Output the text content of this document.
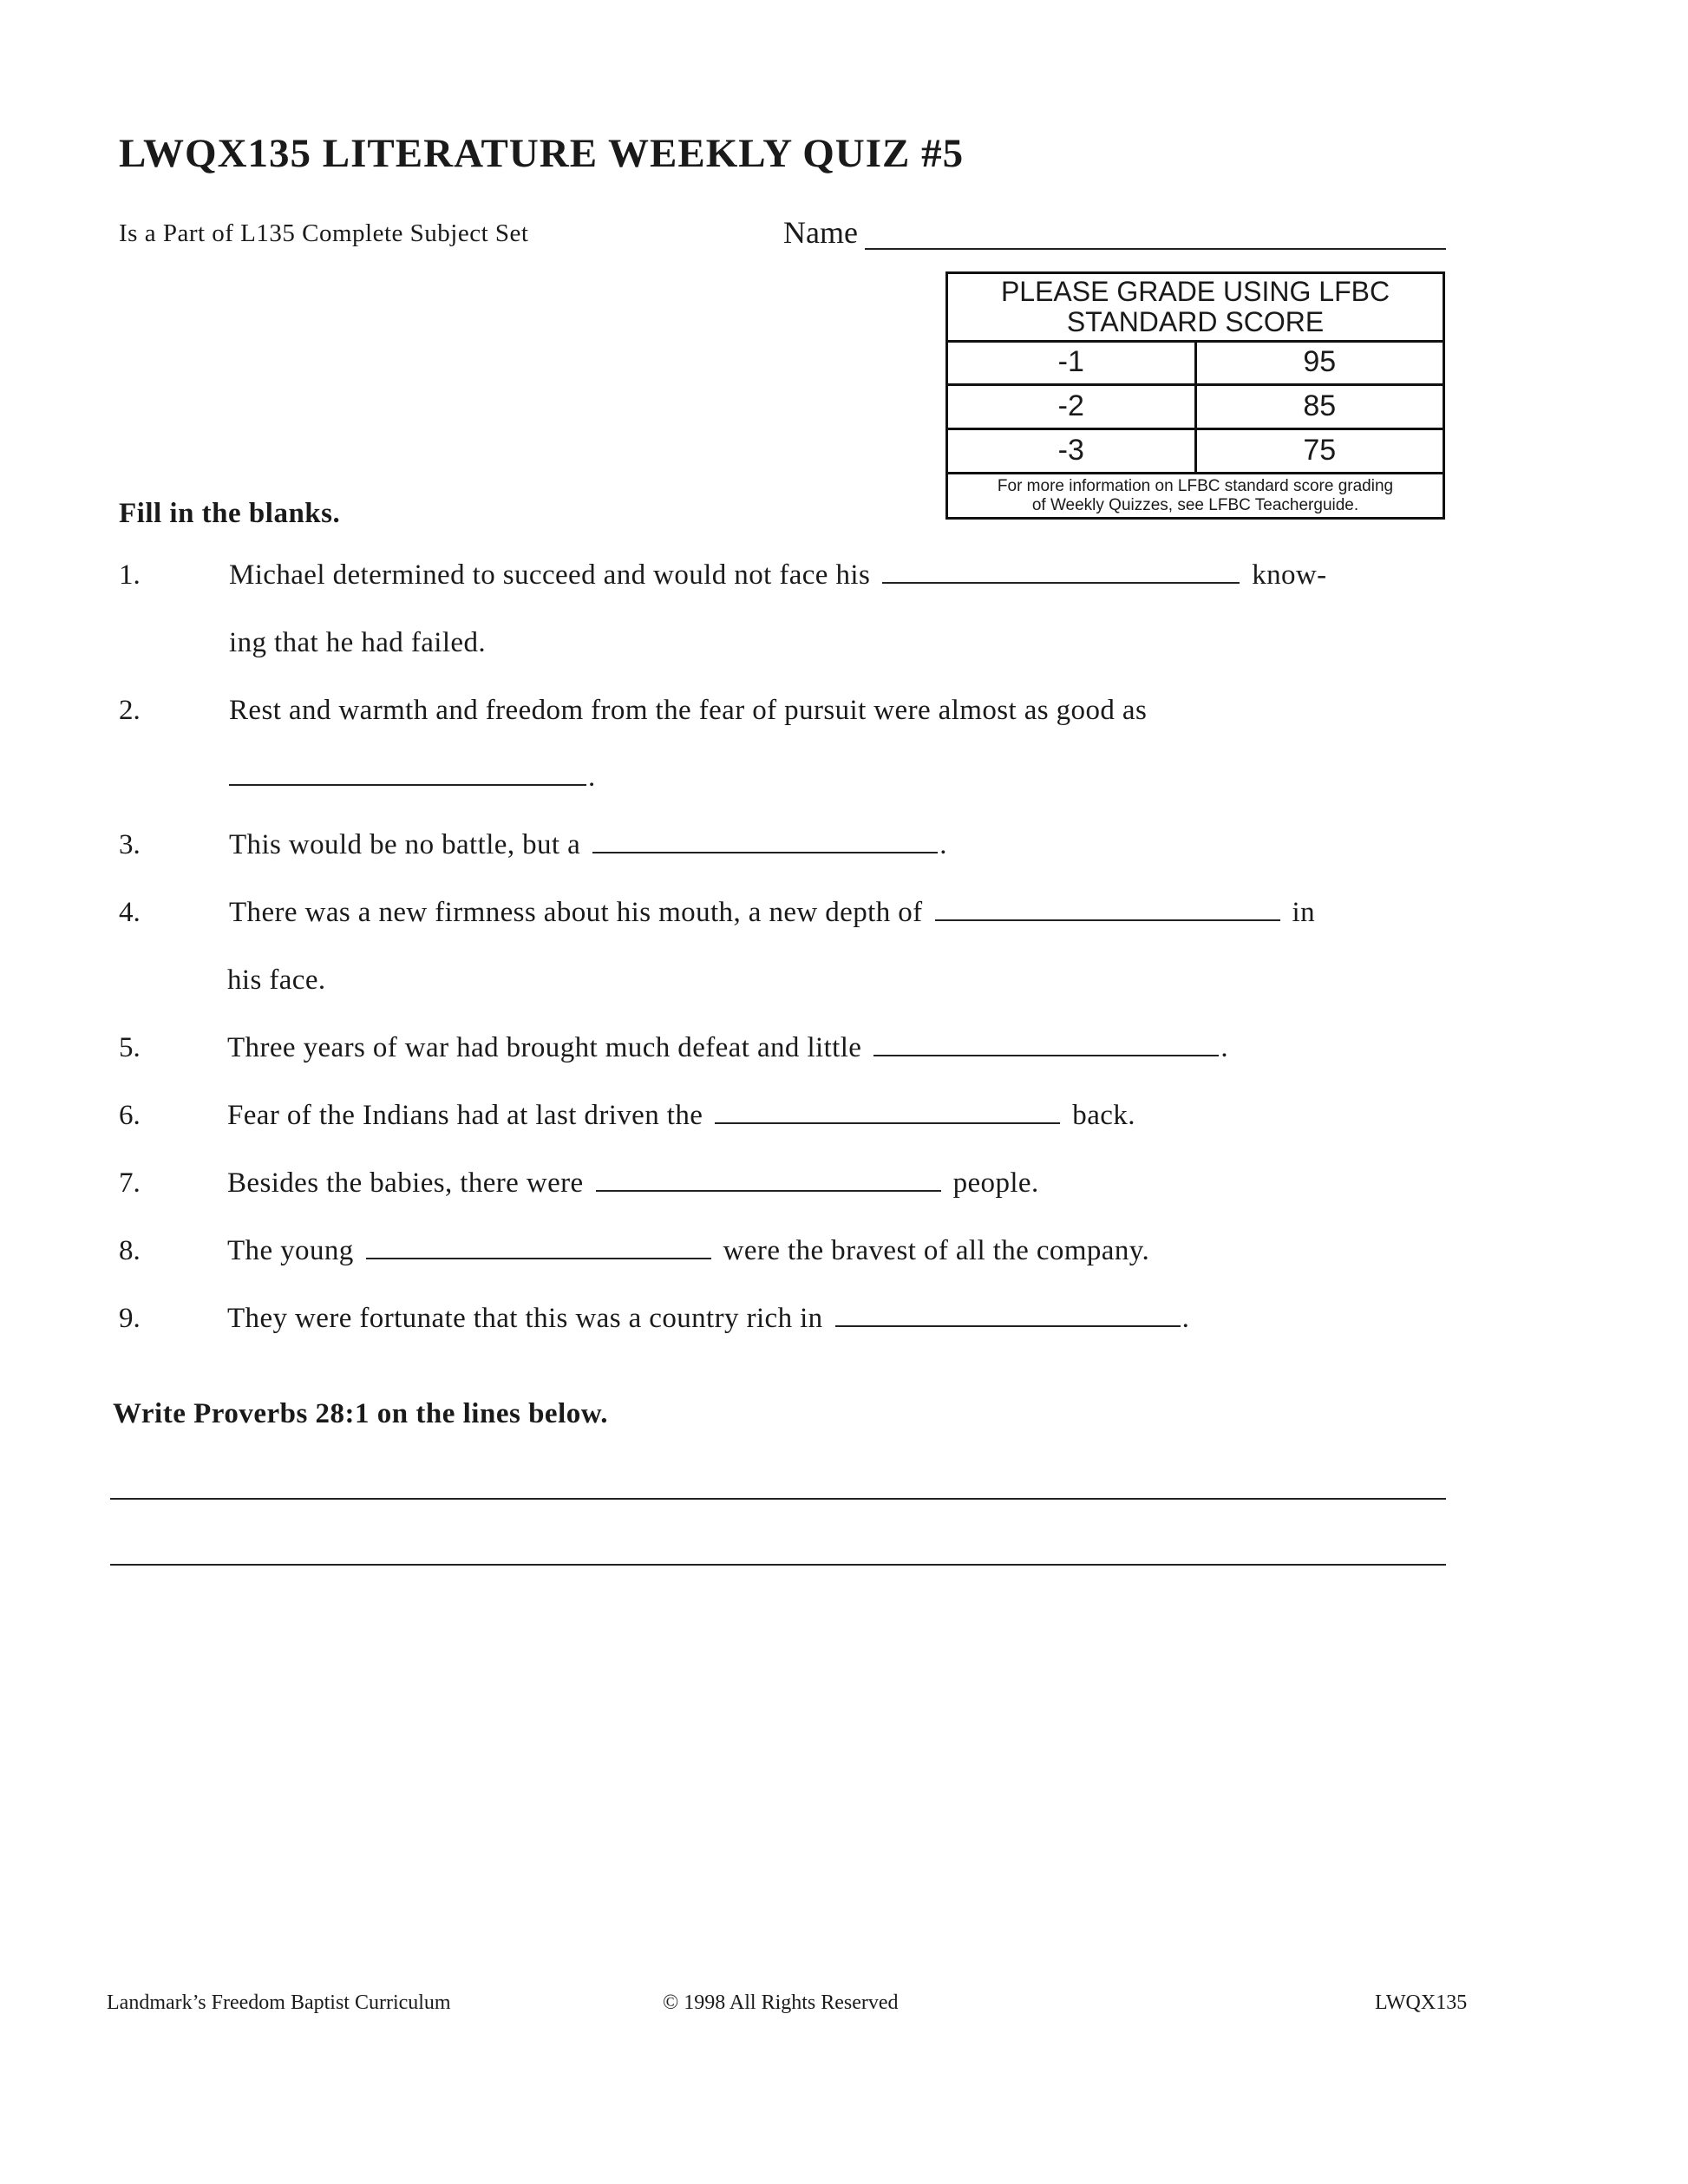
LWQX135 LITERATURE WEEKLY QUIZ #5
Is a Part of L135 Complete Subject Set	Name
PLEASE GRADE USING LFBC
STANDARD SCORE
-1	95
-2	85
-3	75
For more information on LFBC standard score grading
of Weekly Quizzes, see LFBC Teacherguide.
Fill in the blanks.
1.	Michael determined to succeed and would not face his	know-
ing that he had failed.
2.	Rest and warmth and freedom from the fear of pursuit were almost as good as
.
3.	This would be no battle, but a	.
4.	There was a new firmness about his mouth, a new depth of	in
his face.
5.	Three years of war had brought much defeat and little	.
6.	Fear of the Indians had at last driven the	back.
7.	Besides the babies, there were	people.
8.	The young	were the bravest of all the company.
9.	They were fortunate that this was a country rich in	.
Write Proverbs 28:1 on the lines below.
Landmark’s Freedom Baptist Curriculum	© 1998 All Rights Reserved	LWQX135
